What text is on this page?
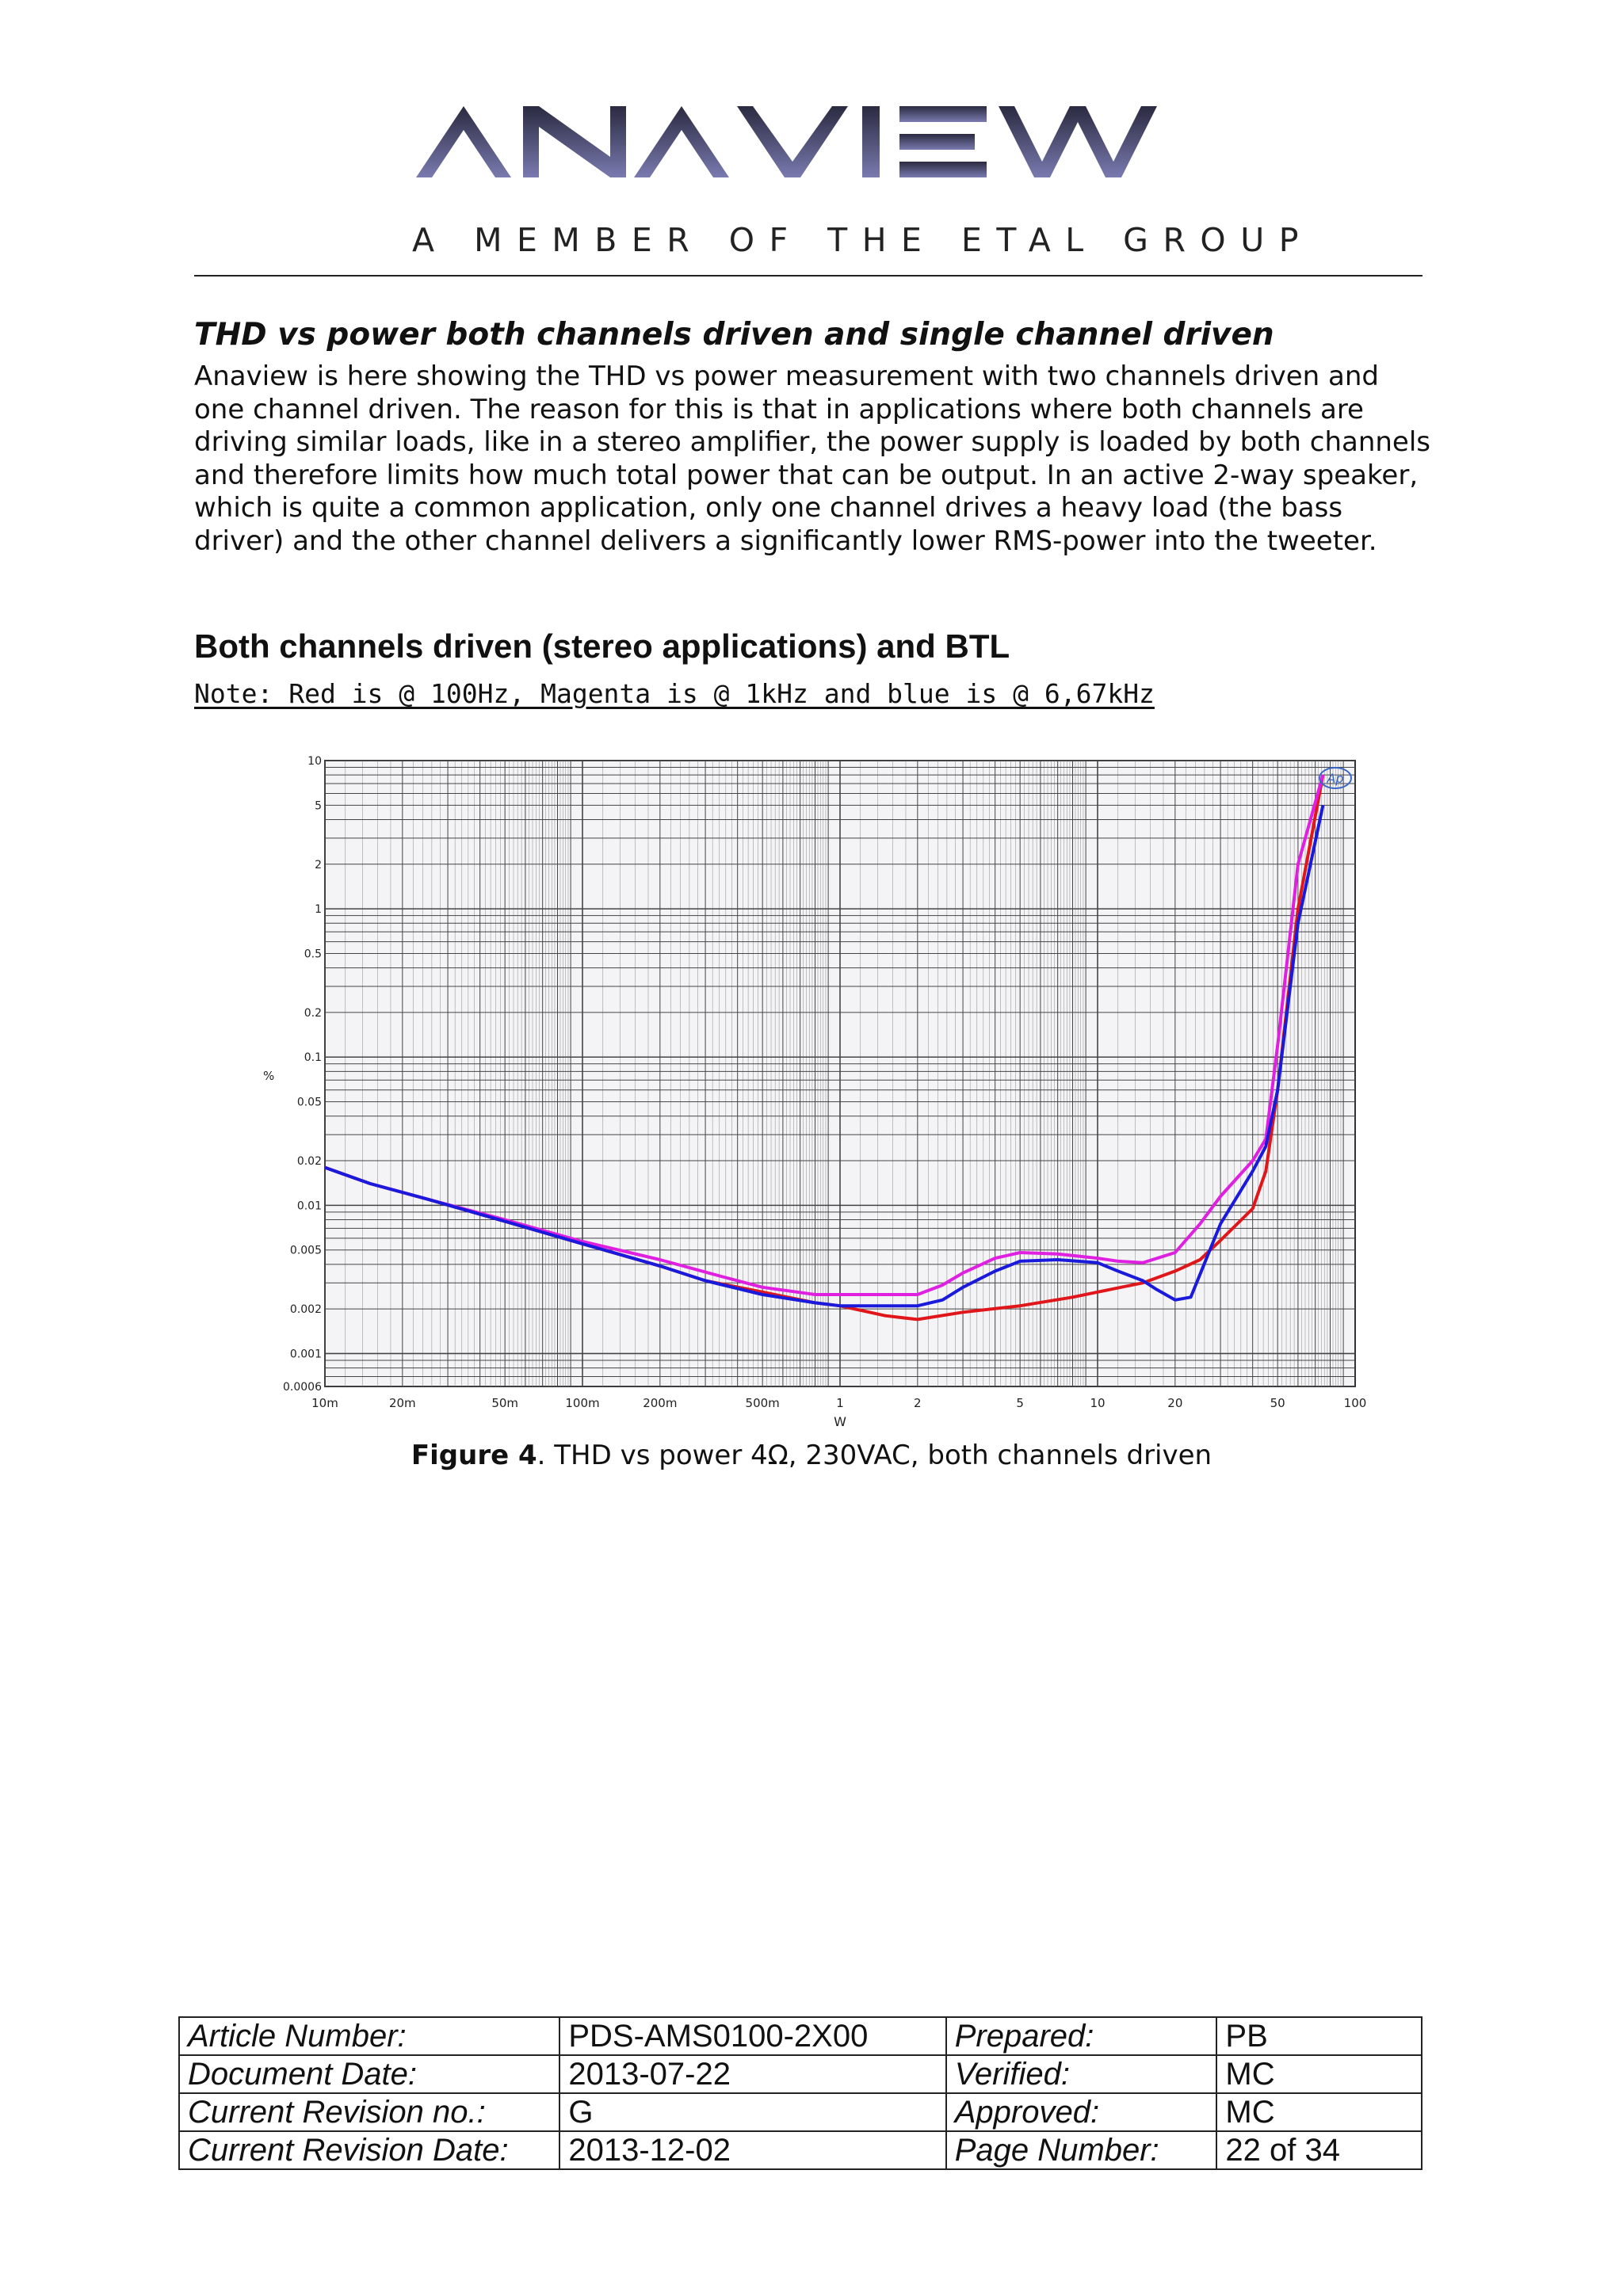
A MEMBER OF THE ETAL GROUP
THD vs power both channels driven and single channel driven

Anaview is here showing the THD vs power measurement with two channels driven and one channel driven. The reason for this is that in applications where both channels are driving similar loads, like in a stereo amplifier, the power supply is loaded by both channels and therefore limits how much total power that can be output. In an active 2-way speaker, which is quite a common application, only one channel drives a heavy load (the bass driver) and the other channel delivers a significantly lower RMS-power into the tweeter.

Both channels driven (stereo applications) and BTL
Note: Red is @ 100Hz, Magenta is @ 1kHz and blue is @ 6,67kHz
10m	20m	50m	100m	200m	500m	1	2	5	10	20	50	100
10
5
2
1
0.5
0.2
0.1
0.05
0.02
0.01
0.005
0.002
0.001
0.0006
W
%
Ap
Figure 4. THD vs power 4Ω, 230VAC, both channels driven
Article Number:	PDS-AMS0100-2X00	Prepared:	PB
Document Date:	2013-07-22	Verified:	MC
Current Revision no.:	G	Approved:	MC
Current Revision Date:	2013-12-02	Page Number:	22 of 34
